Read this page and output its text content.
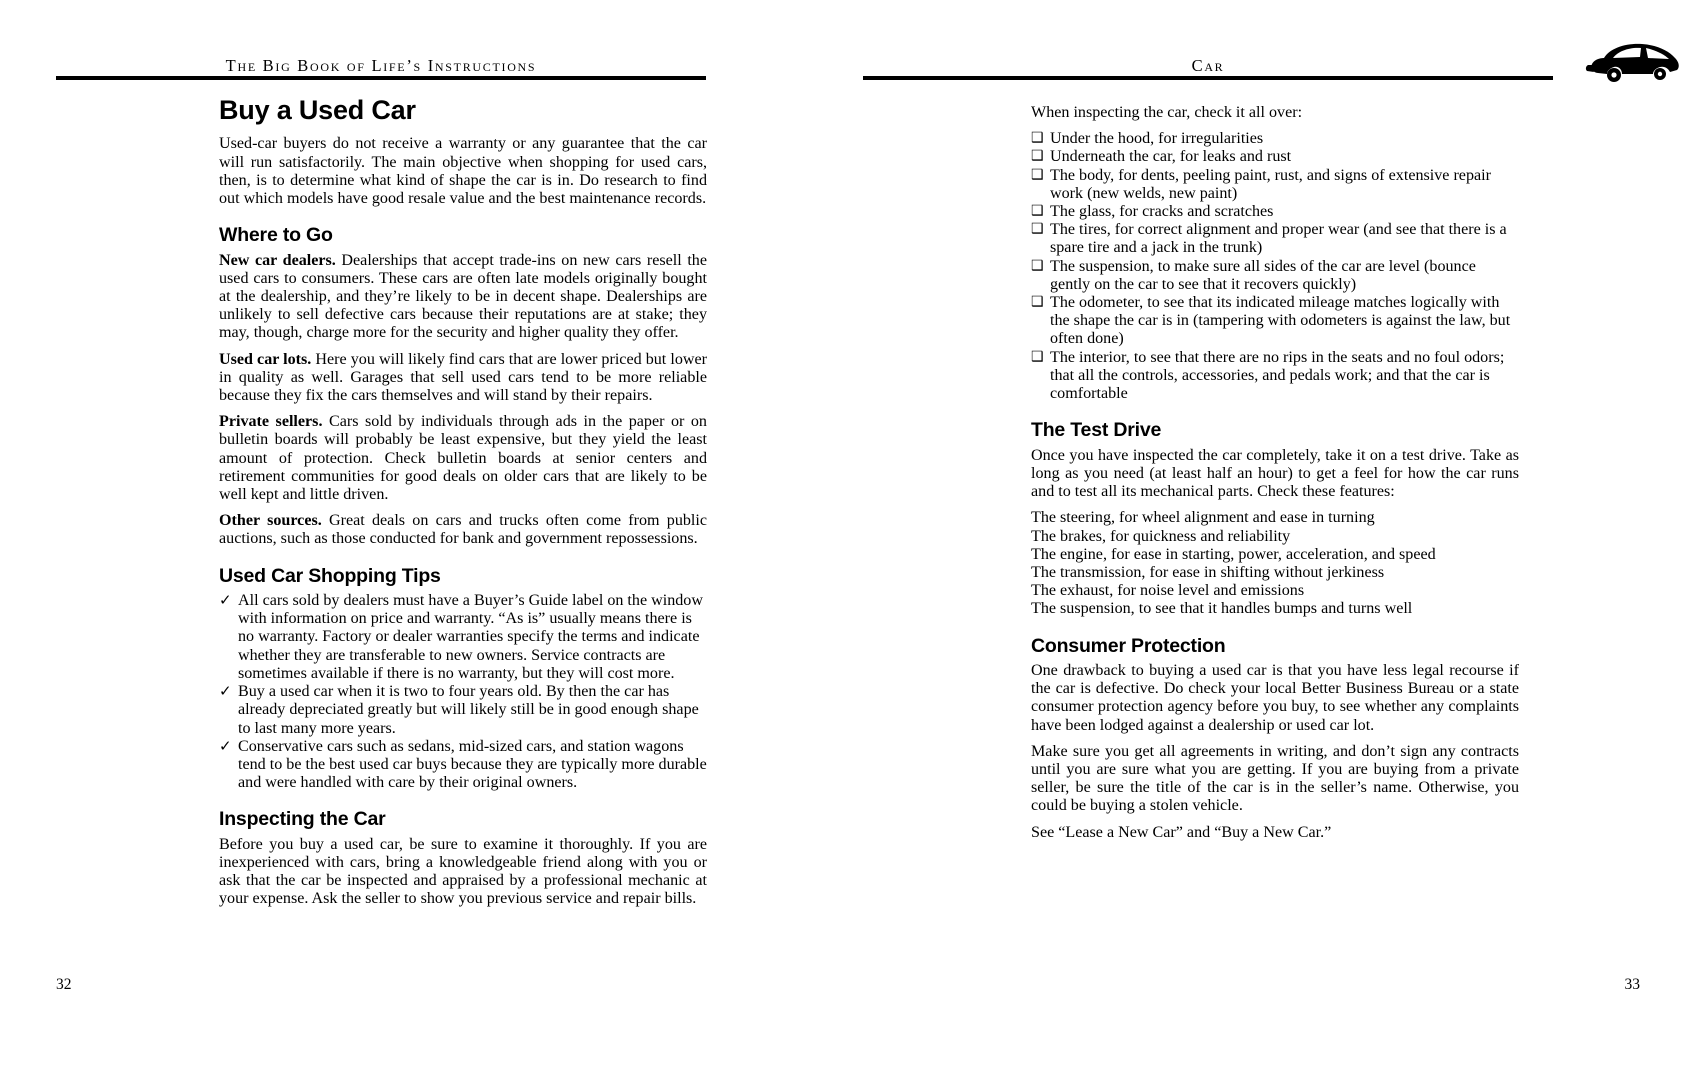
The Big Book of Life’s Instructions
Buy a Used Car

Used-car buyers do not receive a warranty or any guarantee that the car will run satisfactorily. The main objective when shopping for used cars, then, is to determine what kind of shape the car is in. Do research to find out which models have good resale value and the best maintenance records.

Where to Go

New car dealers. Dealerships that accept trade-ins on new cars resell the used cars to consumers. These cars are often late models originally bought at the dealership, and they’re likely to be in decent shape. Dealerships are unlikely to sell defective cars because their reputations are at stake; they may, though, charge more for the security and higher quality they offer.

Used car lots. Here you will likely find cars that are lower priced but lower in quality as well. Garages that sell used cars tend to be more reliable because they fix the cars themselves and will stand by their repairs.

Private sellers. Cars sold by individuals through ads in the paper or on bulletin boards will probably be least expensive, but they yield the least amount of protection. Check bulletin boards at senior centers and retirement communities for good deals on older cars that are likely to be well kept and little driven.

Other sources. Great deals on cars and trucks often come from public auctions, such as those conducted for bank and government repossessions.

Used Car Shopping Tips
✓ All cars sold by dealers must have a Buyer’s Guide label on the window with information on price and warranty. “As is” usually means there is no warranty. Factory or dealer warranties specify the terms and indicate whether they are transferable to new owners. Service contracts are sometimes available if there is no warranty, but they will cost more.
✓ Buy a used car when it is two to four years old. By then the car has already depreciated greatly but will likely still be in good enough shape to last many more years.
✓ Conservative cars such as sedans, mid-sized cars, and station wagons tend to be the best used car buys because they are typically more durable and were handled with care by their original owners.
Inspecting the Car

Before you buy a used car, be sure to examine it thoroughly. If you are inexperienced with cars, bring a knowledgeable friend along with you or ask that the car be inspected and appraised by a professional mechanic at your expense. Ask the seller to show you previous service and repair bills.

32
Car

When inspecting the car, check it all over:

❑ Under the hood, for irregularities
❑ Underneath the car, for leaks and rust
❑ The body, for dents, peeling paint, rust, and signs of extensive repair work (new welds, new paint)
❑ The glass, for cracks and scratches
❑ The tires, for correct alignment and proper wear (and see that there is a spare tire and a jack in the trunk)
❑ The suspension, to make sure all sides of the car are level (bounce gently on the car to see that it recovers quickly)
❑ The odometer, to see that its indicated mileage matches logically with the shape the car is in (tampering with odometers is against the law, but often done)
❑ The interior, to see that there are no rips in the seats and no foul odors; that all the controls, accessories, and pedals work; and that the car is comfortable
The Test Drive

Once you have inspected the car completely, take it on a test drive. Take as long as you need (at least half an hour) to get a feel for how the car runs and to test all its mechanical parts. Check these features:

The steering, for wheel alignment and ease in turning
The brakes, for quickness and reliability
The engine, for ease in starting, power, acceleration, and speed
The transmission, for ease in shifting without jerkiness
The exhaust, for noise level and emissions
The suspension, to see that it handles bumps and turns well
Consumer Protection

One drawback to buying a used car is that you have less legal recourse if the car is defective. Do check your local Better Business Bureau or a state consumer protection agency before you buy, to see whether any complaints have been lodged against a dealership or used car lot.

Make sure you get all agreements in writing, and don’t sign any contracts until you are sure what you are getting. If you are buying from a private seller, be sure the title of the car is in the seller’s name. Otherwise, you could be buying a stolen vehicle.

See “Lease a New Car” and “Buy a New Car.”

33
